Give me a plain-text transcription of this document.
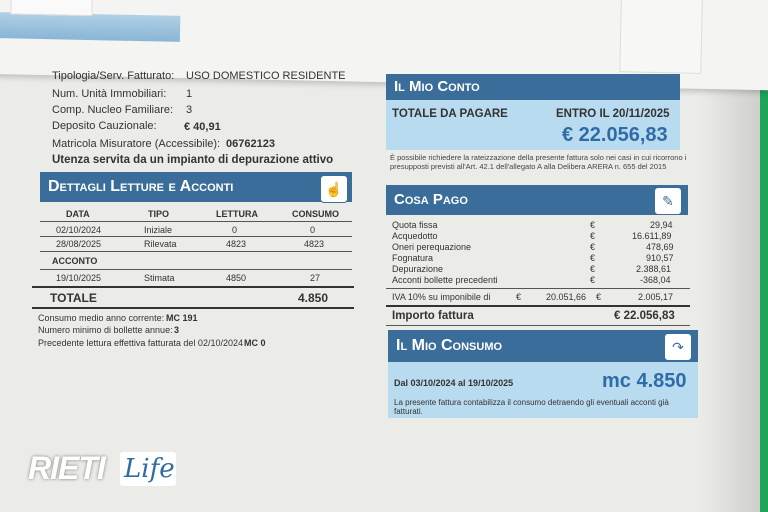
Tipologia/Serv. Fatturato: USO DOMESTICO RESIDENTE
Num. Unità Immobiliari: 1
Comp. Nucleo Familiare: 3
Deposito Cauzionale: € 40,91
Matricola Misuratore (Accessibile): 06762123
Utenza servita da un impianto di depurazione attivo
Dettagli Letture e Acconti	☝
DATA	TIPO	LETTURA	CONSUMO
02/10/2024	Iniziale	0	0
28/08/2025	Rilevata	4823	4823
ACCONTO
19/10/2025	Stimata	4850	27
TOTALE	4.850
Consumo medio anno corrente: MC 191
Numero minimo di bollette annue: 3
Precedente lettura effettiva fatturata del 02/10/2024 MC 0
Il Mio Conto
TOTALE DA PAGARE	ENTRO IL 20/11/2025
€ 22.056,83
È possibile richiedere la rateizzazione della presente fattura solo nei casi in cui ricorrono i presupposti previsti all'Art. 42.1 dell'allegato A alla Delibera ARERA n. 655 del 2015
Cosa Pago	✎
Quota fissa	€	29,94
Acquedotto	€	16.611,89
Oneri perequazione	€	478,69
Fognatura	€	910,57
Depurazione	€	2.388,61
Acconti bollette precedenti	€	-368,04
IVA 10% su imponibile di	€	20.051,66 €	2.005,17
Importo fattura	€ 22.056,83
Il Mio Consumo	↷
Dal 03/10/2024 al 19/10/2025	mc 4.850
La presente fattura contabilizza il consumo detraendo gli eventuali acconti già fatturati.
RIETI Life
